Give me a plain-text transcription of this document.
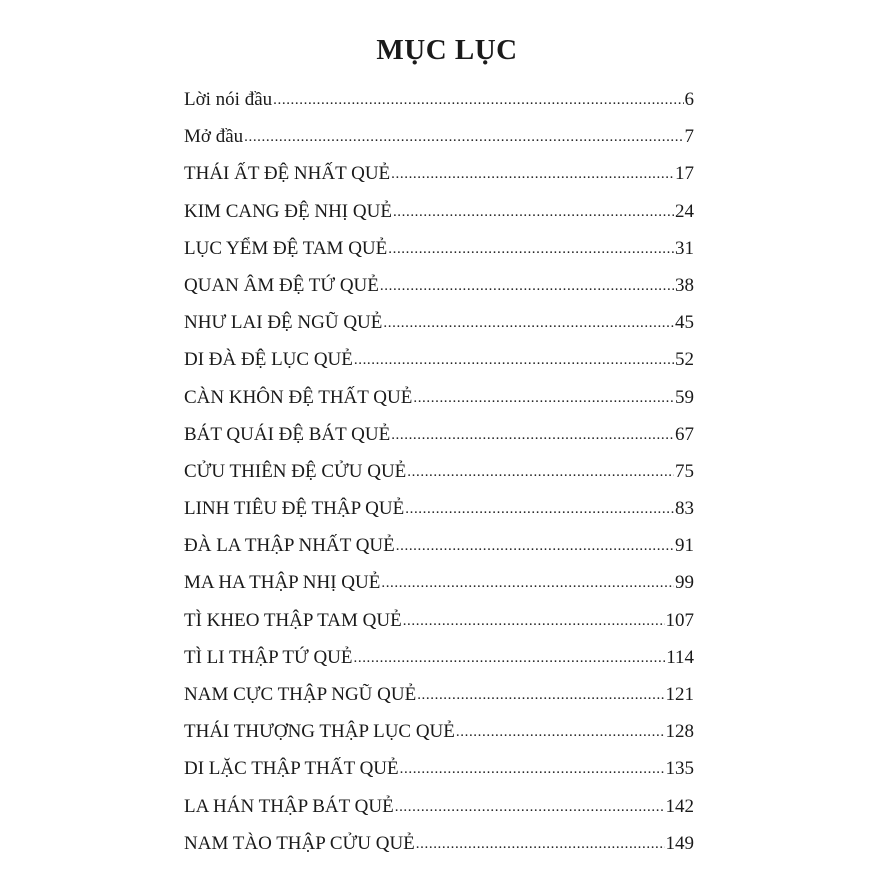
MỤC LỤC
Lời nói đầu .....	6
Mở đầu .....	7
THÁI ẤT ĐỆ NHẤT QUẺ .....	17
KIM CANG ĐỆ NHỊ QUẺ .....	24
LỤC YỂM ĐỆ TAM QUẺ .....	31
QUAN ÂM ĐỆ TỨ QUẺ .....	38
NHƯ LAI ĐỆ NGŨ QUẺ .....	45
DI ĐÀ ĐỆ LỤC QUẺ .....	52
CÀN KHÔN ĐỆ THẤT QUẺ .....	59
BÁT QUÁI ĐỆ BÁT QUẺ .....	67
CỬU THIÊN ĐỆ CỬU QUẺ .....	75
LINH TIÊU ĐỆ THẬP QUẺ .....	83
ĐÀ LA THẬP NHẤT QUẺ .....	91
MA HA THẬP NHỊ QUẺ .....	99
TÌ KHEO THẬP TAM QUẺ .....	107
TÌ LI THẬP TỨ QUẺ .....	114
NAM CỰC THẬP NGŨ QUẺ .....	121
THÁI THƯỢNG THẬP LỤC QUẺ .....	128
DI LẶC THẬP THẤT QUẺ .....	135
LA HÁN THẬP BÁT QUẺ .....	142
NAM TÀO THẬP CỬU QUẺ .....	149
